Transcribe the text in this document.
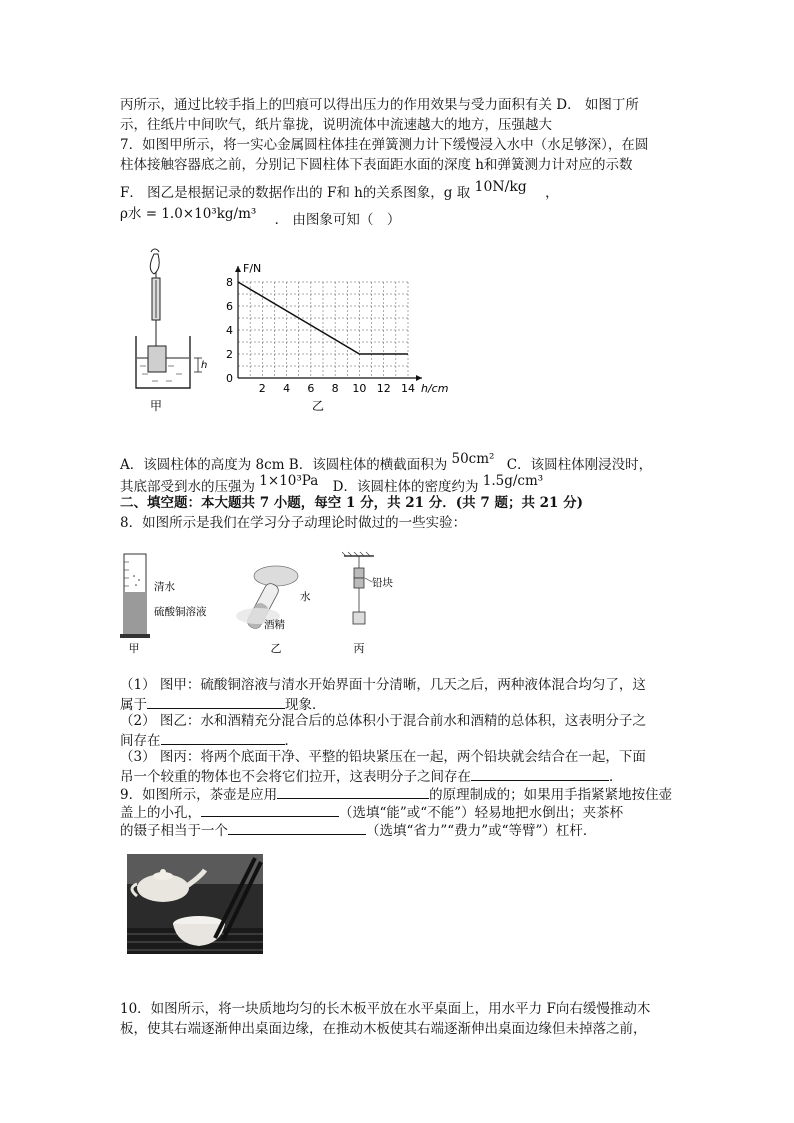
丙所示，通过比较手指上的凹痕可以得出压力的作用效果与受力面积有关 D． 如图丁所
示，往纸片中间吹气，纸片靠拢，说明流体中流速越大的地方，压强越大
7．如图甲所示，将一实心金属圆柱体挂在弹簧测力计下缓慢浸入水中（水足够深），在圆
柱体接触容器底之前，分别记下圆柱体下表面距水面的深度 h和弹簧测力计对应的示数
F． 图乙是根据记录的数据作出的 F和 h的关系图象，g 取 10N/kg ，
ρ水 = 1.0×10³kg/m³ ． 由图象可知（　）
h
甲
F/N
h/cm
乙
0
2
4
6
8
2 4 6 8 10 12 14
A．该圆柱体的高度为 8cm B．该圆柱体的横截面积为 50cm² C．该圆柱体刚浸没时，
其底部受到水的压强为 1×10³Pa D．该圆柱体的密度约为 1.5g/cm³
二、填空题：本大题共 7 小题，每空 1 分，共 21 分．(共 7 题；共 21 分)
8．如图所示是我们在学习分子动理论时做过的一些实验：
清水
硫酸铜溶液
甲
水
酒精
乙
铅块
丙
（1） 图甲：硫酸铜溶液与清水开始界面十分清晰，几天之后，两种液体混合均匀了，这
属于	现象．
（2） 图乙：水和酒精充分混合后的总体积小于混合前水和酒精的总体积，这表明分子之
间存在	．
（3） 图丙：将两个底面干净、平整的铅块紧压在一起，两个铅块就会结合在一起，下面
吊一个较重的物体也不会将它们拉开，这表明分子之间存在	．
9．如图所示，茶壶是应用	的原理制成的；如果用手指紧紧地按住壶
盖上的小孔，	（选填“能”或“不能”）轻易地把水倒出；夹茶杯
的镊子相当于一个	（选填“省力”“费力”或“等臂”）杠杆．
10．如图所示，将一块质地均匀的长木板平放在水平桌面上，用水平力 F向右缓慢推动木
板，使其右端逐渐伸出桌面边缘，在推动木板使其右端逐渐伸出桌面边缘但未掉落之前，
